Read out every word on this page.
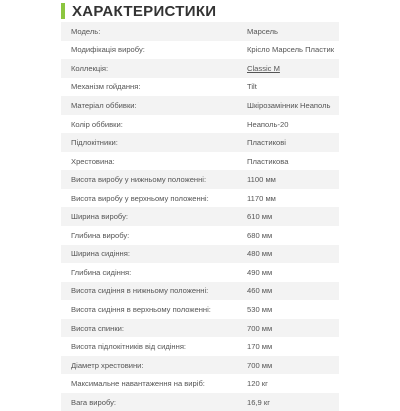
ХАРАКТЕРИСТИКИ
Модель:	Марсель
Модифікація виробу:	Крісло Марсель Пластик
Коллекція:	Classic M
Механізм гойдання:	Tilt
Матеріал оббивки:	Шкірозамінник Неаполь
Колір оббивки:	Неаполь-20
Підлокітники:	Пластикові
Хрестовина:	Пластикова
Висота виробу у нижньому положенні:	1100 мм
Висота виробу у верхньому положенні:	1170 мм
Ширина виробу:	610 мм
Глибина виробу:	680 мм
Ширина сидіння:	480 мм
Глибина сидіння:	490 мм
Висота сидіння в нижньому положенні:	460 мм
Висота сидіння в верхньому положенні:	530 мм
Висота спинки:	700 мм
Висота підлокітників від сидіння:	170 мм
Діаметр хрестовини:	700 мм
Максимальне навантаження на виріб:	120 кг
Вага виробу:	16,9 кг
